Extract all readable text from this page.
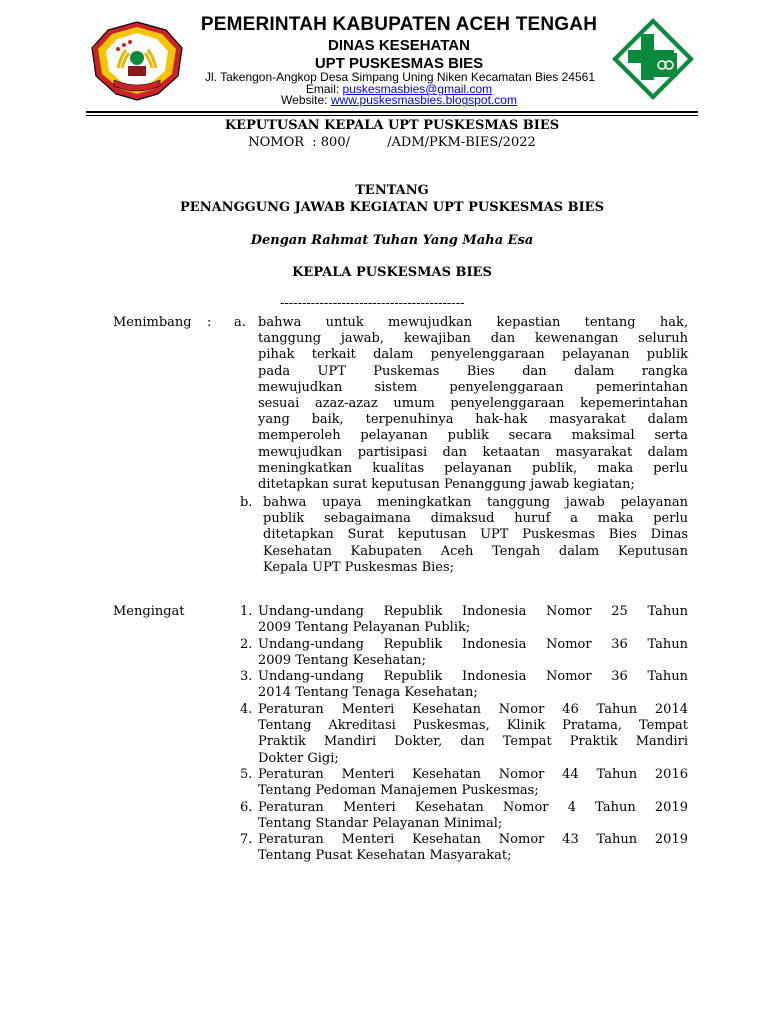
PEMERINTAH KABUPATEN ACEH TENGAH
DINAS KESEHATAN
UPT PUSKESMAS BIES
Jl. Takengon-Angkop Desa Simpang Uning Niken Kecamatan Bies 24561
Email: puskesmasbies@gmail.com
Website: www.puskesmasbies.blogspot.com
KEPUTUSAN KEPALA UPT PUSKESMAS BIES
NOMOR  : 800/         /ADM/PKM-BIES/2022
TENTANG
PENANGGUNG JAWAB KEGIATAN UPT PUSKESMAS BIES
Dengan Rahmat Tuhan Yang Maha Esa
KEPALA PUSKESMAS BIES
------------------------------------------
Menimbang : a. bahwa untuk mewujudkan kepastian tentang hak,

tanggung jawab, kewajiban dan kewenangan seluruh

pihak terkait dalam penyelenggaraan pelayanan publik

pada UPT Puskemas Bies dan dalam rangka

mewujudkan sistem penyelenggaraan pemerintahan

sesuai azaz-azaz umum penyelenggaraan kepemerintahan

yang baik, terpenuhinya hak-hak masyarakat dalam

memperoleh pelayanan publik secara maksimal serta

mewujudkan partisipasi dan ketaatan masyarakat dalam

meningkatkan kualitas pelayanan publik, maka perlu

ditetapkan surat keputusan Penanggung jawab kegiatan;

b. bahwa upaya meningkatkan tanggung jawab pelayanan

publik sebagaimana dimaksud huruf a maka perlu

ditetapkan Surat keputusan UPT Puskesmas Bies Dinas

Kesehatan Kabupaten Aceh Tengah dalam Keputusan

Kepala UPT Puskesmas Bies;

Mengingat	1. Undang-undang Republik Indonesia Nomor 25 Tahun

2009 Tentang Pelayanan Publik;

2. Undang-undang Republik Indonesia Nomor 36 Tahun

2009 Tentang Kesehatan;

3. Undang-undang Republik Indonesia Nomor 36 Tahun

2014 Tentang Tenaga Kesehatan;

4. Peraturan Menteri Kesehatan Nomor 46 Tahun 2014

Tentang Akreditasi Puskesmas, Klinik Pratama, Tempat

Praktik Mandiri Dokter, dan Tempat Praktik Mandiri

Dokter Gigi;

5. Peraturan Menteri Kesehatan Nomor 44 Tahun 2016

Tentang Pedoman Manajemen Puskesmas;

6. Peraturan Menteri Kesehatan Nomor 4 Tahun 2019

Tentang Standar Pelayanan Minimal;

7. Peraturan Menteri Kesehatan Nomor 43 Tahun 2019

Tentang Pusat Kesehatan Masyarakat;
